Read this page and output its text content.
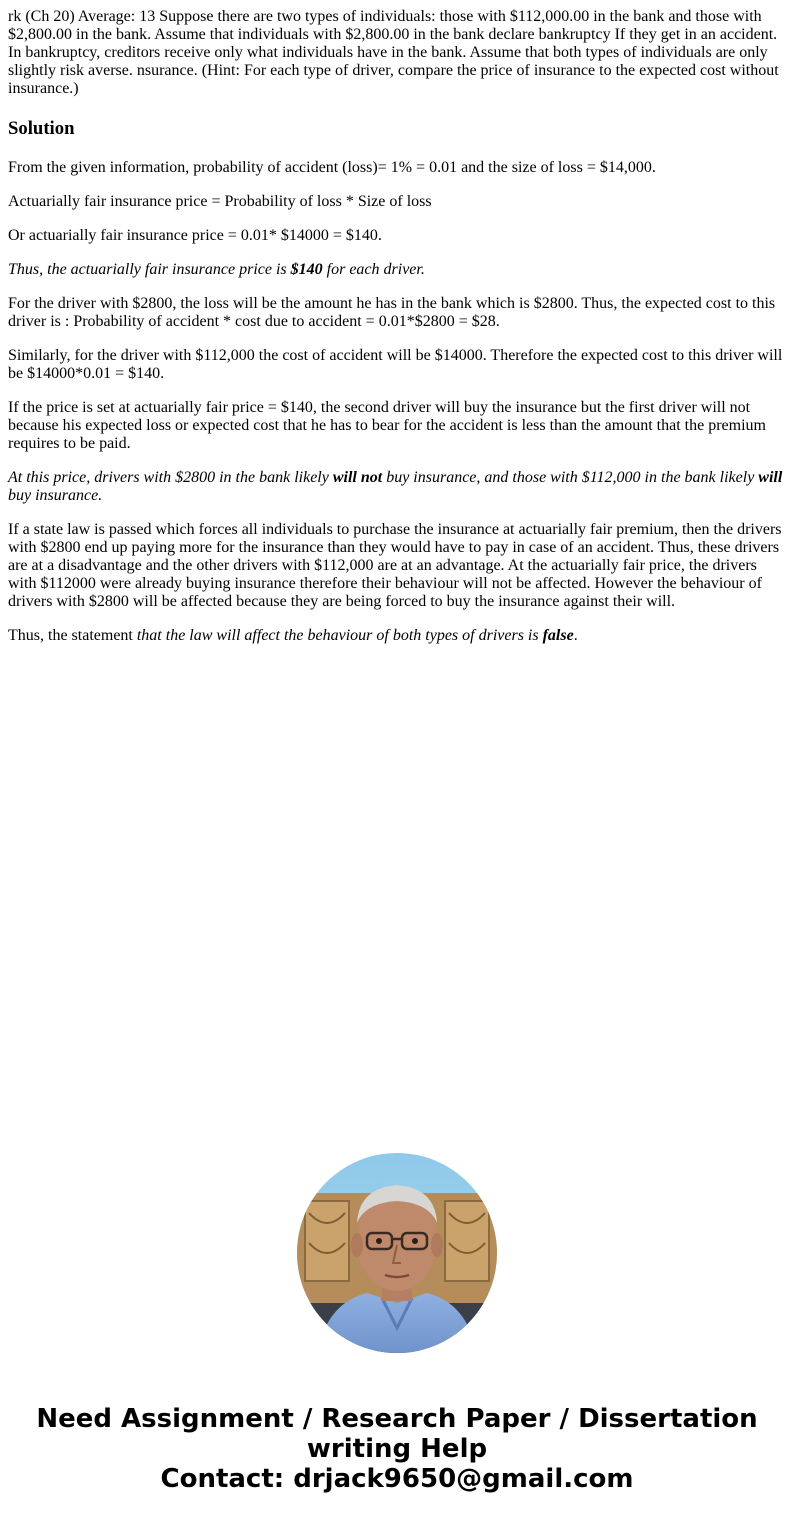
rk (Ch 20) Average: 13 Suppose there are two types of individuals: those with $112,000.00 in the bank and those with $2,800.00 in the bank. Assume that individuals with $2,800.00 in the bank declare bankruptcy If they get in an accident. In bankruptcy, creditors receive only what individuals have in the bank. Assume that both types of individuals are only slightly risk averse. nsurance. (Hint: For each type of driver, compare the price of insurance to the expected cost without insurance.)
Solution

From the given information, probability of accident (loss)= 1% = 0.01 and the size of loss = $14,000.

Actuarially fair insurance price = Probability of loss * Size of loss

Or actuarially fair insurance price = 0.01* $14000 = $140.

Thus, the actuarially fair insurance price is $140 for each driver.

For the driver with $2800, the loss will be the amount he has in the bank which is $2800. Thus, the expected cost to this driver is : Probability of accident * cost due to accident = 0.01*$2800 = $28.

Similarly, for the driver with $112,000 the cost of accident will be $14000. Therefore the expected cost to this driver will be $14000*0.01 = $140.

If the price is set at actuarially fair price = $140, the second driver will buy the insurance but the first driver will not because his expected loss or expected cost that he has to bear for the accident is less than the amount that the premium requires to be paid.

At this price, drivers with $2800 in the bank likely will not buy insurance, and those with $112,000 in the bank likely will buy insurance.

If a state law is passed which forces all individuals to purchase the insurance at actuarially fair premium, then the drivers with $2800 end up paying more for the insurance than they would have to pay in case of an accident. Thus, these drivers are at a disadvantage and the other drivers with $112,000 are at an advantage. At the actuarially fair price, the drivers with $112000 were already buying insurance therefore their behaviour will not be affected. However the behaviour of drivers with $2800 will be affected because they are being forced to buy the insurance against their will.

Thus, the statement that the law will affect the behaviour of both types of drivers is false.

Need Assignment / Research Paper / Dissertation
writing Help
Contact: drjack9650@gmail.com
